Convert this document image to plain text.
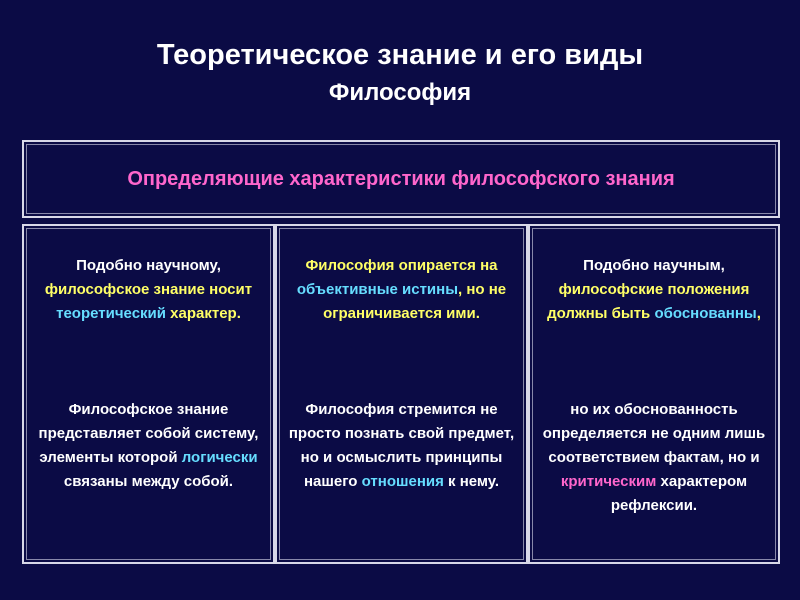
Теоретическое знание и его виды
Философия
Определяющие характеристики философского знания
Подобно научному, философское знание носит теоретический характер.
Философское знание представляет собой систему, элементы которой логически связаны между собой.
Философия опирается на объективные истины, но не ограничивается ими.
Философия стремится не просто познать свой предмет, но и осмыслить принципы нашего отношения к нему.
Подобно научным, философские положения должны быть обоснованны,
но их обоснованность определяется не одним лишь соответствием фактам, но и критическим характером рефлексии.
